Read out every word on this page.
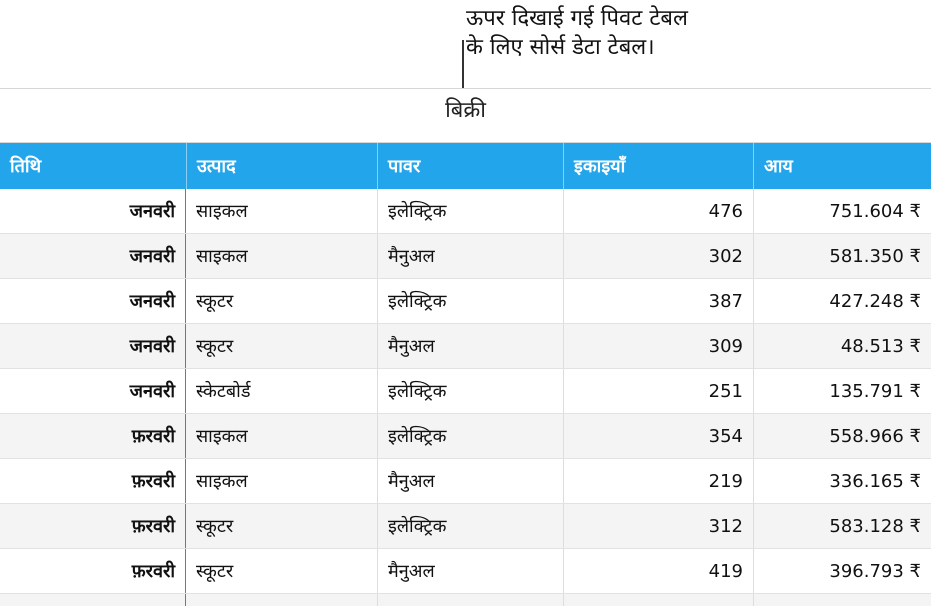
ऊपर दिखाई गई पिवट टेबल
के लिए सोर्स डेटा टेबल।
बिक्री
तिथि	उत्पाद	पावर	इकाइयाँ	आय
जनवरी	साइकल	इलेक्ट्रिक	476	751.604 ₹
जनवरी	साइकल	मैनुअल	302	581.350 ₹
जनवरी	स्कूटर	इलेक्ट्रिक	387	427.248 ₹
जनवरी	स्कूटर	मैनुअल	309	48.513 ₹
जनवरी	स्केटबोर्ड	इलेक्ट्रिक	251	135.791 ₹
फ़रवरी	साइकल	इलेक्ट्रिक	354	558.966 ₹
फ़रवरी	साइकल	मैनुअल	219	336.165 ₹
फ़रवरी	स्कूटर	इलेक्ट्रिक	312	583.128 ₹
फ़रवरी	स्कूटर	मैनुअल	419	396.793 ₹
